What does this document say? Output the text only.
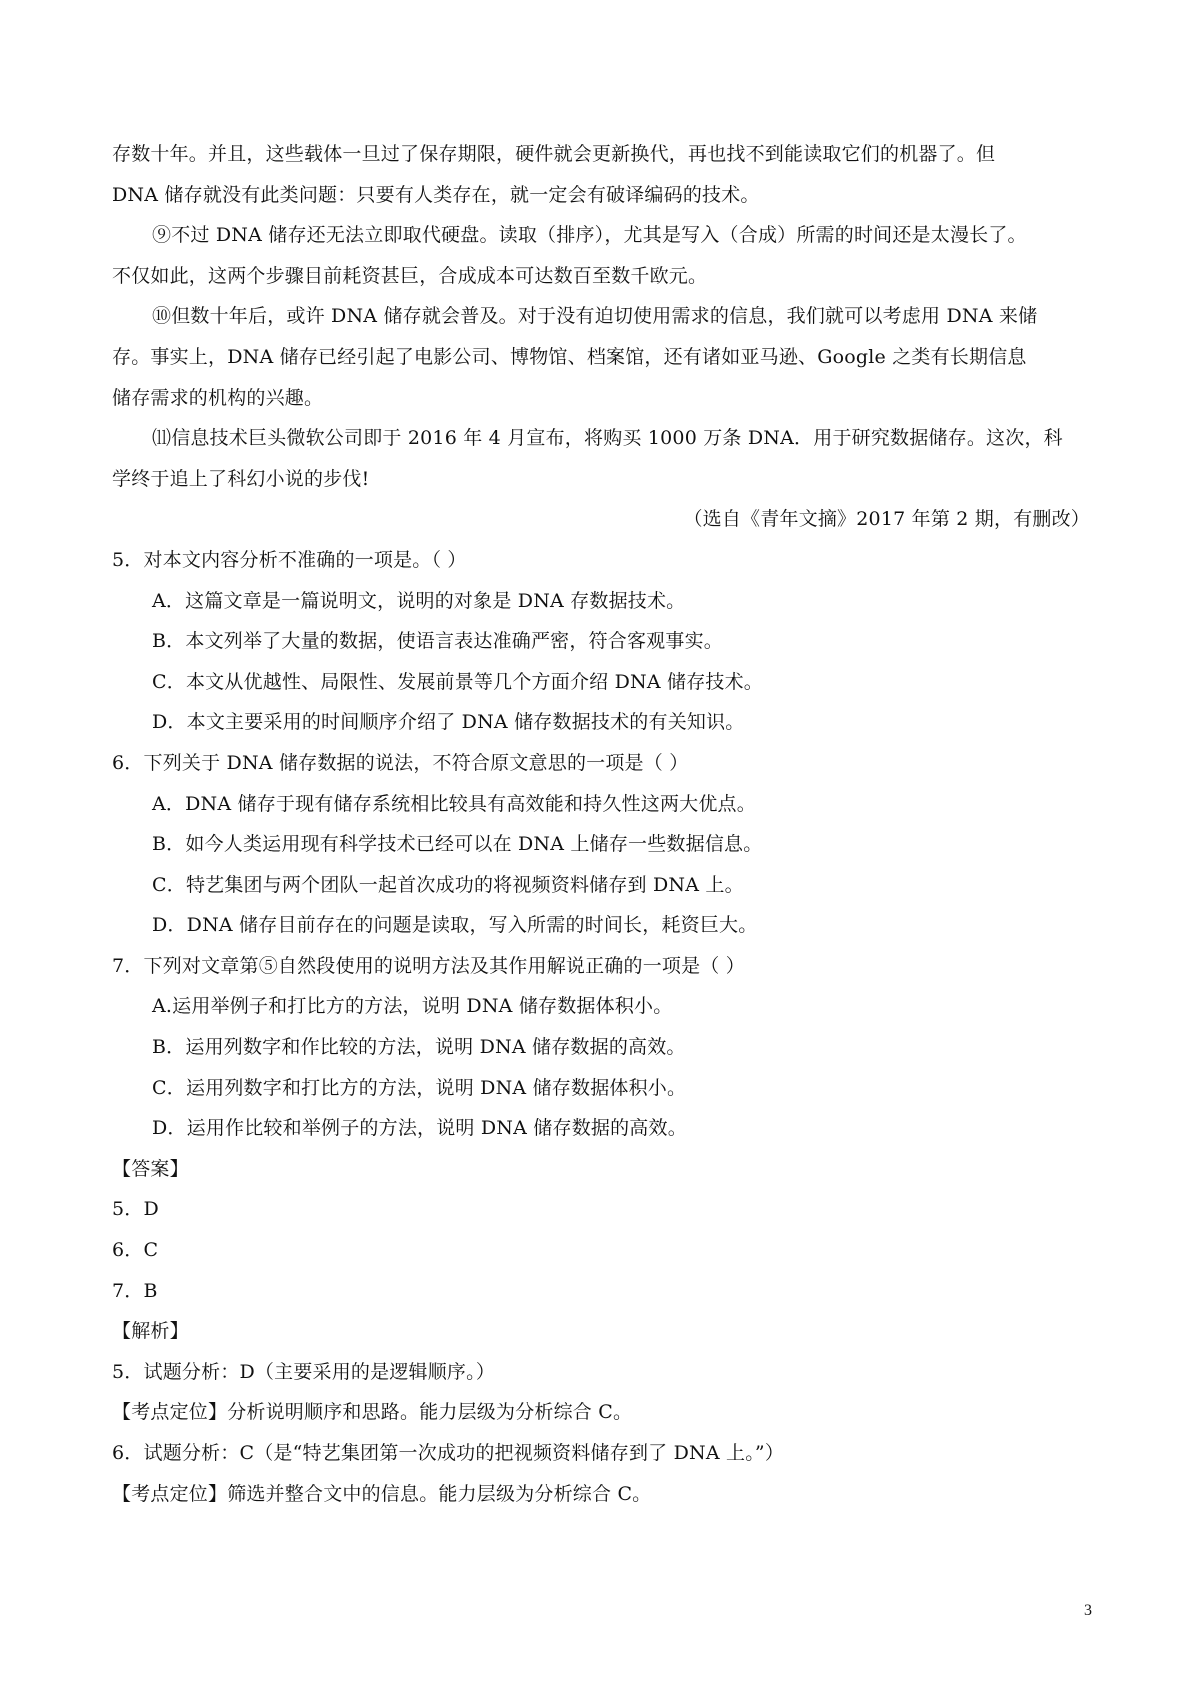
存数十年。并且，这些载体一旦过了保存期限，硬件就会更新换代，再也找不到能读取它们的机器了。但
DNA 储存就没有此类问题：只要有人类存在，就一定会有破译编码的技术。
⑨不过 DNA 储存还无法立即取代硬盘。读取（排序），尤其是写入（合成）所需的时间还是太漫长了。
不仅如此，这两个步骤目前耗资甚巨，合成成本可达数百至数千欧元。
⑩但数十年后，或许 DNA 储存就会普及。对于没有迫切使用需求的信息，我们就可以考虑用 DNA 来储
存。事实上，DNA 储存已经引起了电影公司、博物馆、档案馆，还有诸如亚马逊、Google 之类有长期信息
储存需求的机构的兴趣。
⑾信息技术巨头微软公司即于 2016 年 4 月宣布，将购买 1000 万条 DNA．用于研究数据储存。这次，科
学终于追上了科幻小说的步伐!
（选自《青年文摘》2017 年第 2 期，有删改）
5．对本文内容分析不准确的一项是。（ ）
A．这篇文章是一篇说明文，说明的对象是 DNA 存数据技术。
B．本文列举了大量的数据，使语言表达准确严密，符合客观事实。
C．本文从优越性、局限性、发展前景等几个方面介绍 DNA 储存技术。
D．本文主要采用的时间顺序介绍了 DNA 储存数据技术的有关知识。
6．下列关于 DNA 储存数据的说法，不符合原文意思的一项是（ ）
A．DNA 储存于现有储存系统相比较具有高效能和持久性这两大优点。
B．如今人类运用现有科学技术已经可以在 DNA 上储存一些数据信息。
C．特艺集团与两个团队一起首次成功的将视频资料储存到 DNA 上。
D．DNA 储存目前存在的问题是读取，写入所需的时间长，耗资巨大。
7．下列对文章第⑤自然段使用的说明方法及其作用解说正确的一项是（ ）
A.运用举例子和打比方的方法，说明 DNA 储存数据体积小。
B．运用列数字和作比较的方法，说明 DNA 储存数据的高效。
C．运用列数字和打比方的方法，说明 DNA 储存数据体积小。
D．运用作比较和举例子的方法，说明 DNA 储存数据的高效。
【答案】
5．D
6．C
7．B
【解析】
5．试题分析：D（主要采用的是逻辑顺序。）
【考点定位】分析说明顺序和思路。能力层级为分析综合 C。
6．试题分析：C（是“特艺集团第一次成功的把视频资料储存到了 DNA 上。”）
【考点定位】筛选并整合文中的信息。能力层级为分析综合 C。
3
